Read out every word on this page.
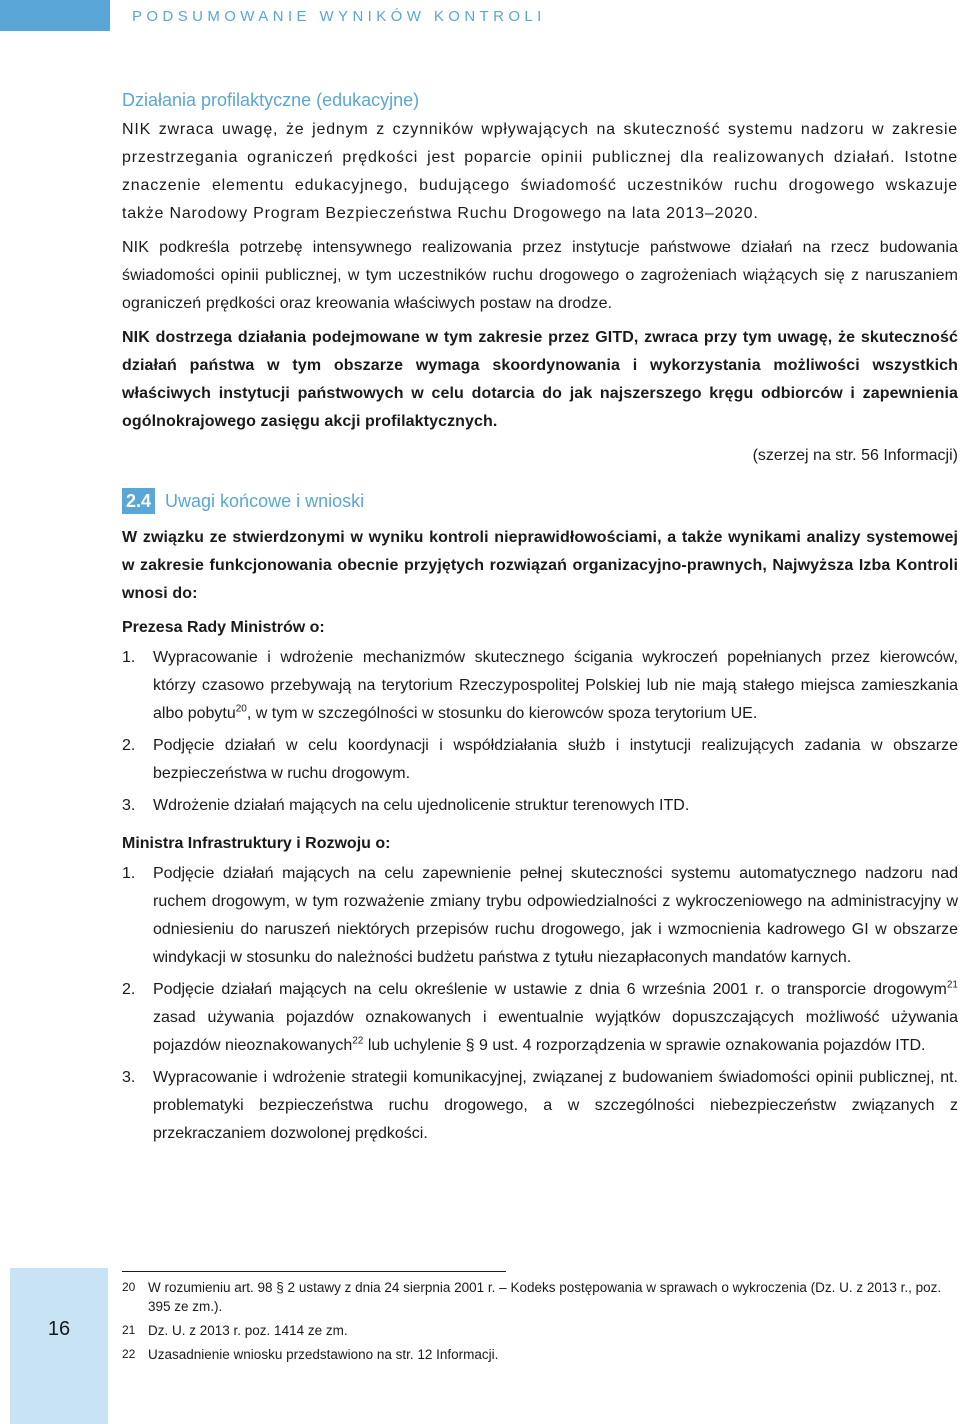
PODSUMOWANIE WYNIKÓW KONTROLI
Działania profilaktyczne (edukacyjne)

NIK zwraca uwagę, że jednym z czynników wpływających na skuteczność systemu nadzoru w zakresie przestrzegania ograniczeń prędkości jest poparcie opinii publicznej dla realizowanych działań. Istotne znaczenie elementu edukacyjnego, budującego świadomość uczestników ruchu drogowego wskazuje także Narodowy Program Bezpieczeństwa Ruchu Drogowego na lata 2013–2020.

NIK podkreśla potrzebę intensywnego realizowania przez instytucje państwowe działań na rzecz budowania świadomości opinii publicznej, w tym uczestników ruchu drogowego o zagrożeniach wiążących się z naruszaniem ograniczeń prędkości oraz kreowania właściwych postaw na drodze.

NIK dostrzega działania podejmowane w tym zakresie przez GITD, zwraca przy tym uwagę, że skuteczność działań państwa w tym obszarze wymaga skoordynowania i wykorzystania możliwości wszystkich właściwych instytucji państwowych w celu dotarcia do jak najszerszego kręgu odbiorców i zapewnienia ogólnokrajowego zasięgu akcji profilaktycznych.

(szerzej na str. 56 Informacji)
2.4 Uwagi końcowe i wnioski

W związku ze stwierdzonymi w wyniku kontroli nieprawidłowościami, a także wynikami analizy systemowej w zakresie funkcjonowania obecnie przyjętych rozwiązań organizacyjno-prawnych, Najwyższa Izba Kontroli wnosi do:

Prezesa Rady Ministrów o:
1.	Wypracowanie i wdrożenie mechanizmów skutecznego ścigania wykroczeń popełnianych przez kierowców, którzy czasowo przebywają na terytorium Rzeczypospolitej Polskiej lub nie mają stałego miejsca zamieszkania albo pobytu$^{20}$, w tym w szczególności w stosunku do kierowców spoza terytorium UE.
2.	Podjęcie działań w celu koordynacji i współdziałania służb i instytucji realizujących zadania w obszarze bezpieczeństwa w ruchu drogowym.
3.	Wdrożenie działań mających na celu ujednolicenie struktur terenowych ITD.
Ministra Infrastruktury i Rozwoju o:
1.	Podjęcie działań mających na celu zapewnienie pełnej skuteczności systemu automatycznego nadzoru nad ruchem drogowym, w tym rozważenie zmiany trybu odpowiedzialności z wykroczeniowego na administracyjny w odniesieniu do naruszeń niektórych przepisów ruchu drogowego, jak i wzmocnienia kadrowego GI w obszarze windykacji w stosunku do należności budżetu państwa z tytułu niezapłaconych mandatów karnych.
2.	Podjęcie działań mających na celu określenie w ustawie z dnia 6 września 2001 r. o transporcie drogowym$^{21}$ zasad używania pojazdów oznakowanych i ewentualnie wyjątków dopuszczających możliwość używania pojazdów nieoznakowanych$^{22}$ lub uchylenie § 9 ust. 4 rozporządzenia w sprawie oznakowania pojazdów ITD.
3.	Wypracowanie i wdrożenie strategii komunikacyjnej, związanej z budowaniem świadomości opinii publicznej, nt. problematyki bezpieczeństwa ruchu drogowego, a w szczególności niebezpieczeństw związanych z przekraczaniem dozwolonej prędkości.
16
20 W rozumieniu art. 98 § 2 ustawy z dnia 24 sierpnia 2001 r. – Kodeks postępowania w sprawach o wykroczenia (Dz. U. z 2013 r., poz. 395 ze zm.).
21 Dz. U. z 2013 r. poz. 1414 ze zm.
22 Uzasadnienie wniosku przedstawiono na str. 12 Informacji.
